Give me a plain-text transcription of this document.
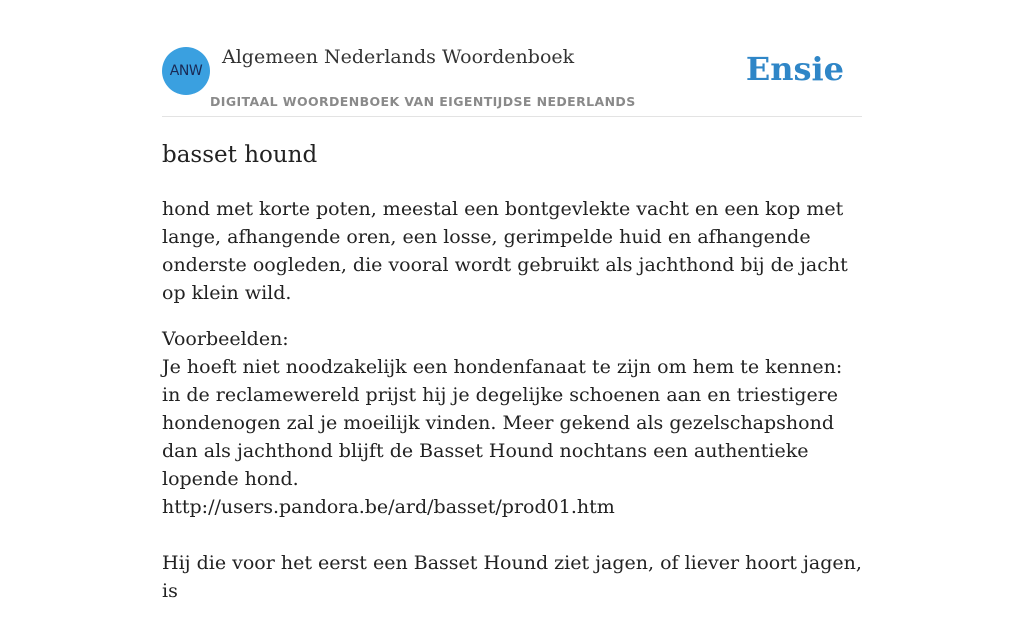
ANW
Algemeen Nederlands Woordenboek
DIGITAAL WOORDENBOEK VAN EIGENTIJDSE NEDERLANDS
Ensie
basset hound

hond met korte poten, meestal een bontgevlekte vacht en een kop met lange, afhangende oren, een losse, gerimpelde huid en afhangende onderste oogleden, die vooral wordt gebruikt als jachthond bij de jacht op klein wild.

Voorbeelden:
Je hoeft niet noodzakelijk een hondenfanaat te zijn om hem te kennen: in de reclamewereld prijst hij je degelijke schoenen aan en triestigere hondenogen zal je moeilijk vinden. Meer gekend als gezelschapshond dan als jachthond blijft de Basset Hound nochtans een authentieke lopende hond.
http://users.pandora.be/ard/basset/prod01.htm
Hij die voor het eerst een Basset Hound ziet jagen, of liever hoort jagen, is
